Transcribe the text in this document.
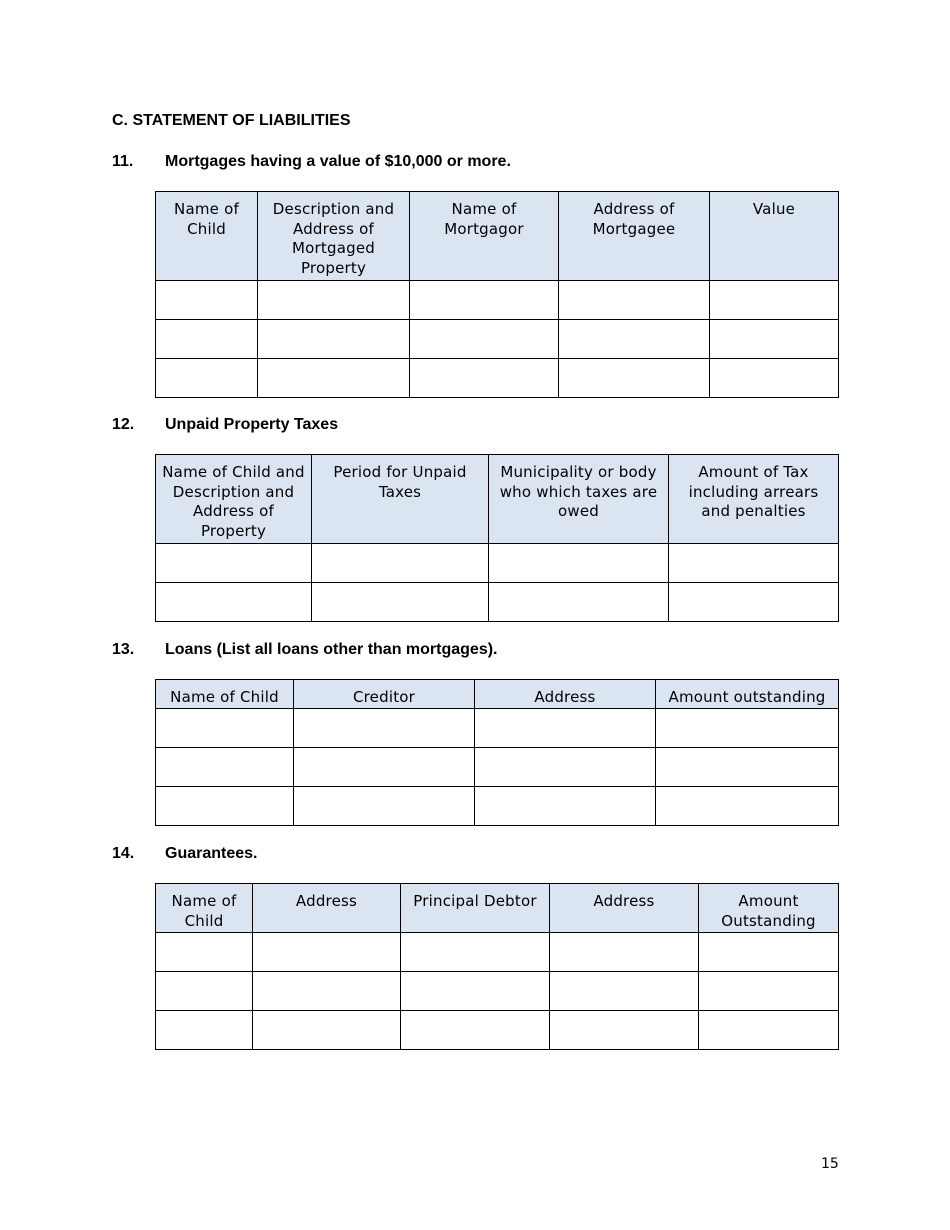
C. STATEMENT OF LIABILITIES
11. Mortgages having a value of $10,000 or more.
Name of Child	Description and Address of Mortgaged Property	Name of Mortgagor	Address of Mortgagee	Value

12. Unpaid Property Taxes
Name of Child and Description and Address of Property	Period for Unpaid Taxes	Municipality or body who which taxes are owed	Amount of Tax including arrears and penalties

13. Loans (List all loans other than mortgages).
Name of Child	Creditor	Address	Amount outstanding

14. Guarantees.
Name of Child	Address	Principal Debtor	Address	Amount Outstanding

15
